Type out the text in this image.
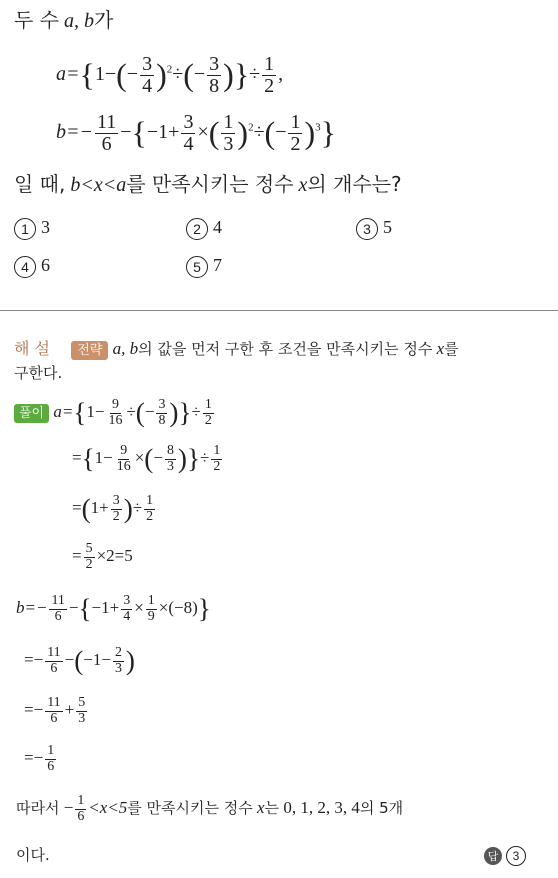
두 수 a, b가
$a=\{1-(- \frac{3}{4} )^2\div(- \frac{3}{8}$ )}÷ $\frac{1}{2}$ ,
$b=- \frac{11}{6} -\{-1+ \frac{3}{4}$ ×( $\frac{1}{3} )^2\div(- \frac{1}{2} )^3$}
일 때, b<x<a를 만족시키는 정수 x의 개수는?
1 3	2 4	3 5
4 6	5 7
해 설 전략 a, b의 값을 먼저 구한 후 조건을 만족시키는 정수 x를
구한다.
풀이 $a=\{1- \frac{9}{16}$ ÷(− $\frac{3}{8}$ )}÷ $\frac{1}{2}$
$=\{1- \frac{9}{16}$ ×(− $\frac{8}{3}$ )}÷ $\frac{1}{2}$
$=(1+ \frac{3}{2}$ )÷ $\frac{1}{2}$
= $\frac{5}{2} \times 2=5$
$b=- \frac{11}{6} -\{-1+ \frac{3}{4} \times \frac{1}{9} \times(-8)\}$
=− $\frac{11}{6} -(-1- \frac{2}{3}$ )
=− $\frac{11}{6} + \frac{5}{3}$
=− $\frac{1}{6}$
따라서 − $\frac{1}{6} <x<5$를 만족시키는 정수 x는 0, 1, 2, 3, 4의 5개
이다.	답 3
